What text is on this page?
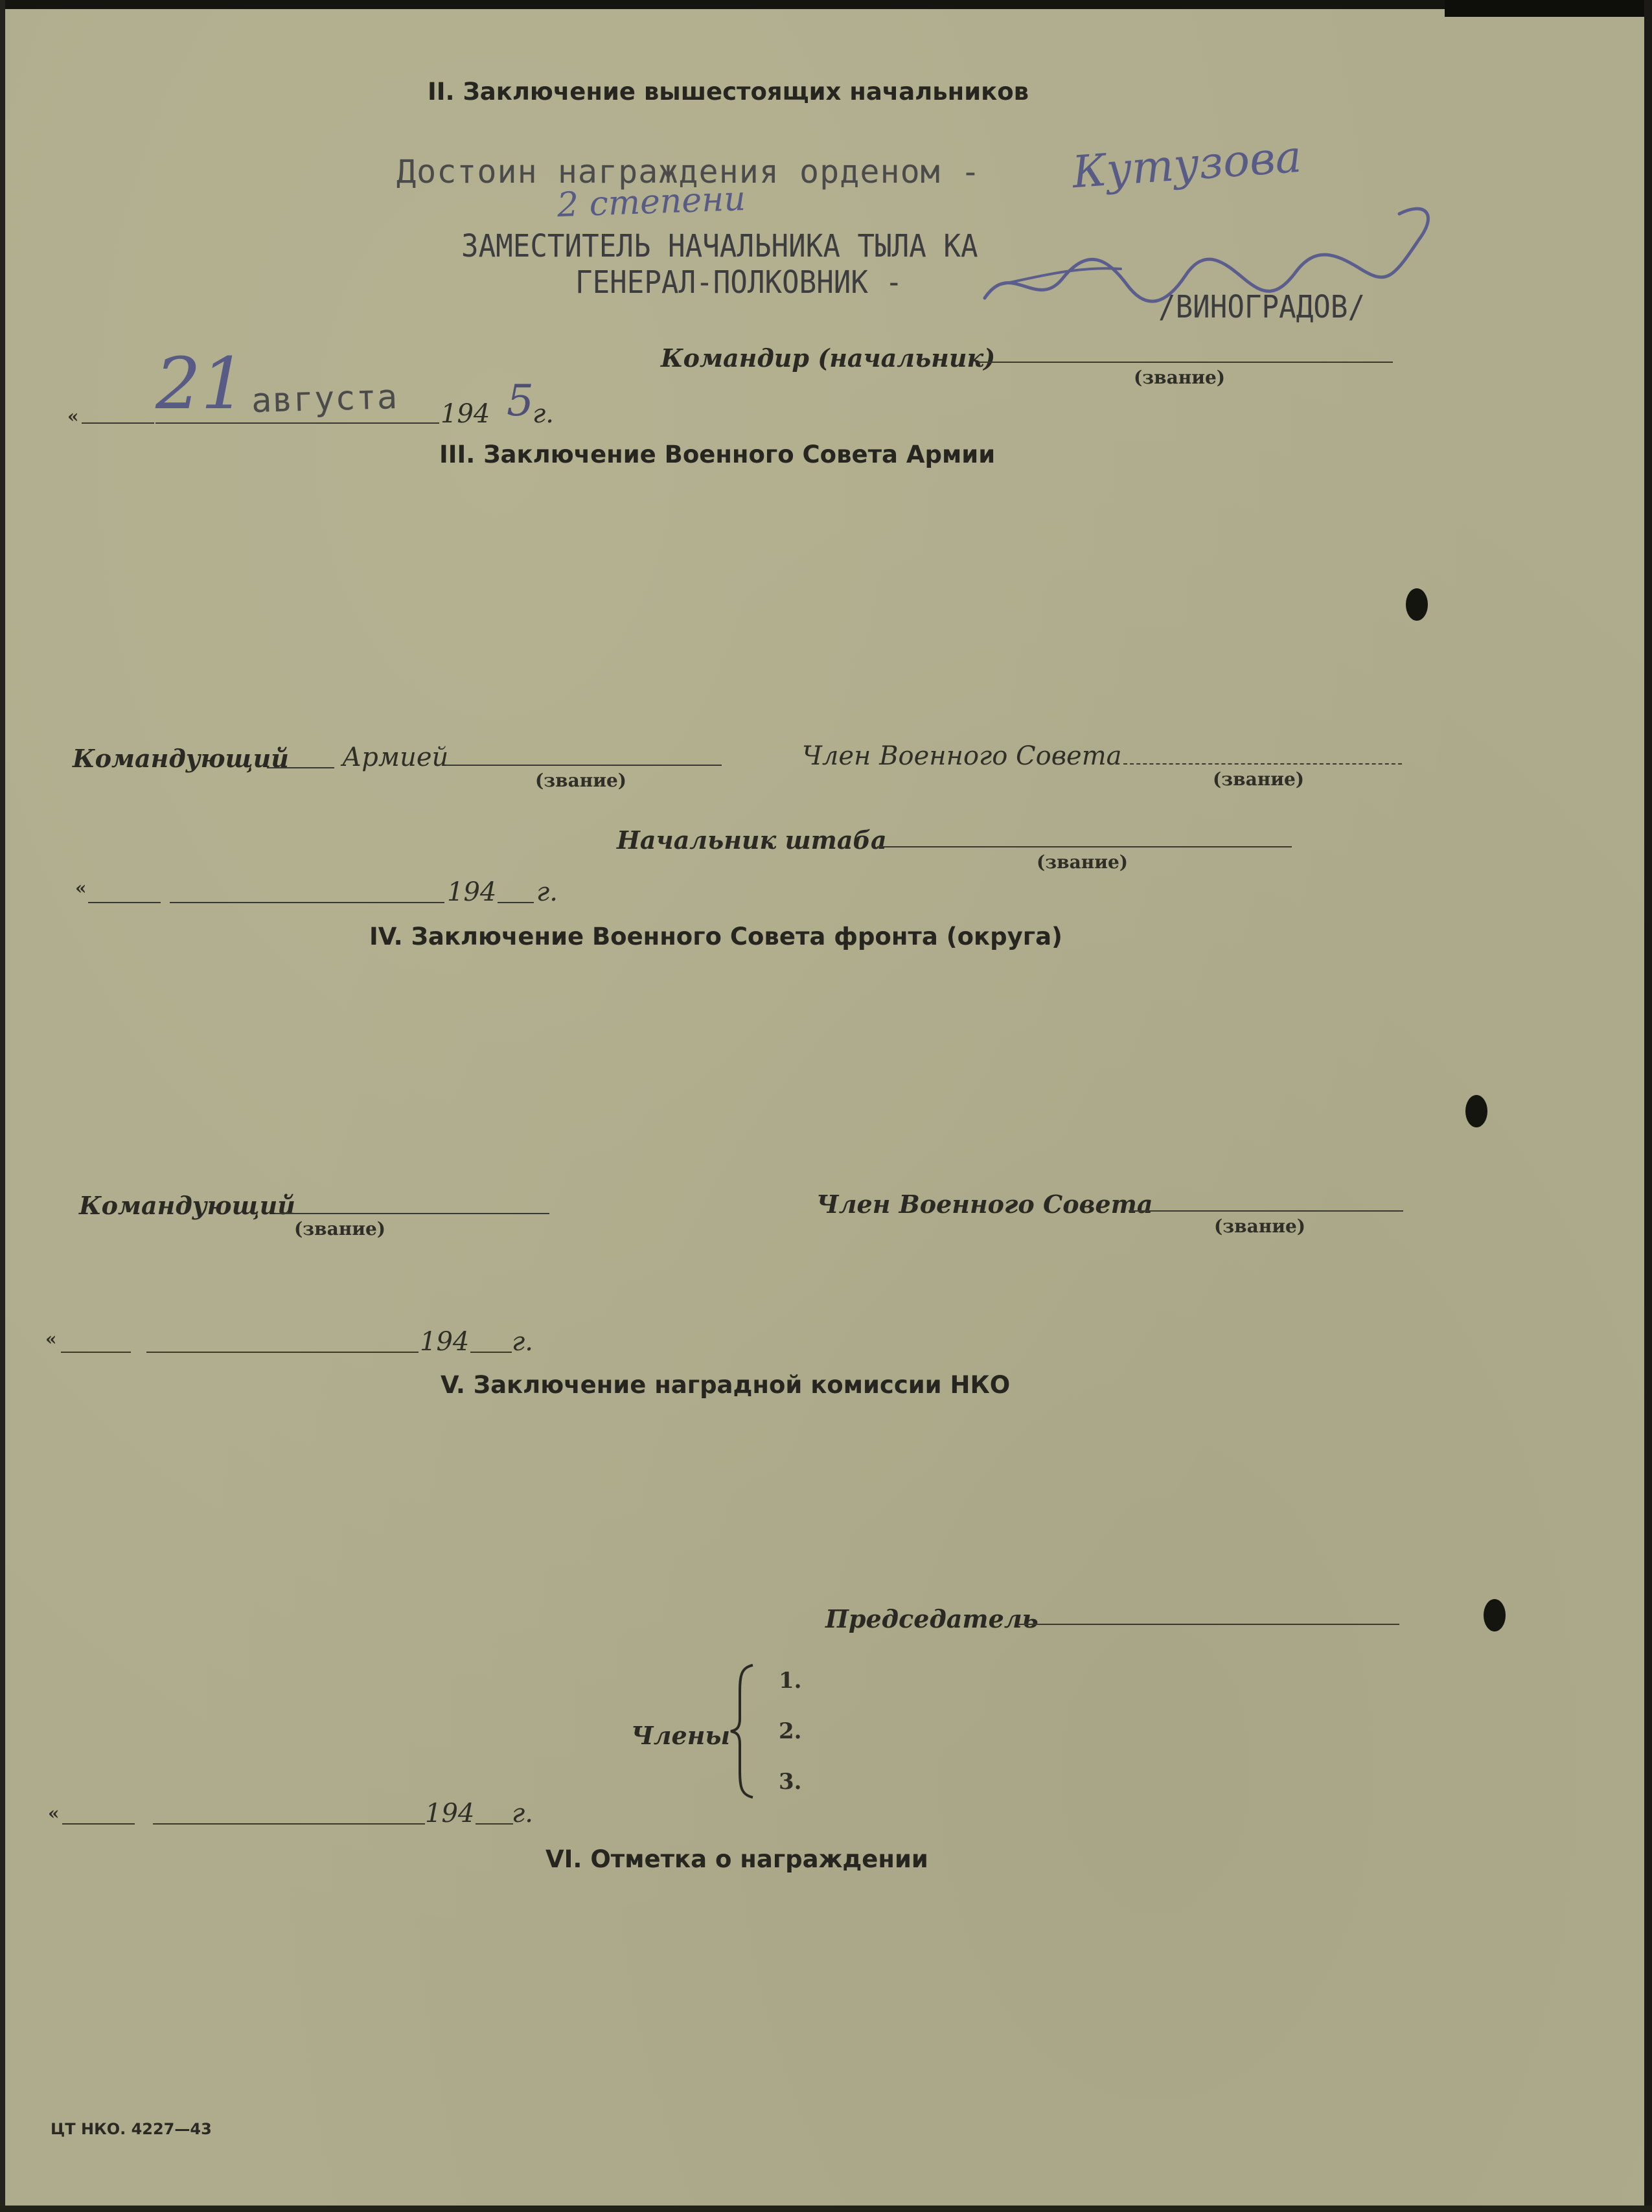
II. Заключение вышестоящих начальников
Достоин награждения орденом - Кутузова
2 степени
ЗАМЕСТИТЕЛЬ НАЧАЛЬНИКА ТЫЛА КА
ГЕНЕРАЛ-ПОЛКОВНИК -
/ВИНОГРАДОВ/
Командир (начальник)
(звание)
« 21 августа 194 5
г.
III. Заключение Военного Совета Армии
Командующий Армией
(звание)
Член Военного Совета
(звание)
Начальник штаба
(звание)
«	194 г.
IV. Заключение Военного Совета фронта (округа)
Командующий
(звание)
Член Военного Совета
(звание)
«	194 г.
V. Заключение наградной комиссии НКО
Председатель
Члены
1.
2.
3.
«	194 г.
VI. Отметка о награждении
ЦТ НКО. 4227—43
